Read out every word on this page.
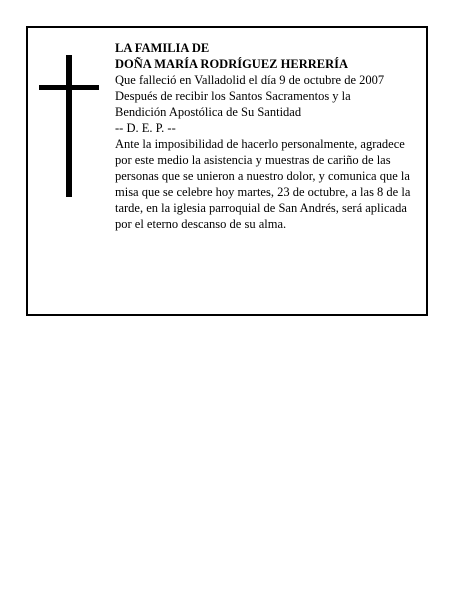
LA FAMILIA DE
DOÑA MARÍA RODRÍGUEZ HERRERÍA
Que falleció en Valladolid el día 9 de octubre de 2007
Después de recibir los Santos Sacramentos y la
Bendición Apostólica de Su Santidad
-- D. E. P. --

Ante la imposibilidad de hacerlo personalmente, agradece por este medio la asistencia y muestras de cariño de las personas que se unieron a nuestro dolor, y comunica que la misa que se celebre hoy martes, 23 de octubre, a las 8 de la tarde, en la iglesia parroquial de San Andrés, será aplicada por el eterno descanso de su alma.
